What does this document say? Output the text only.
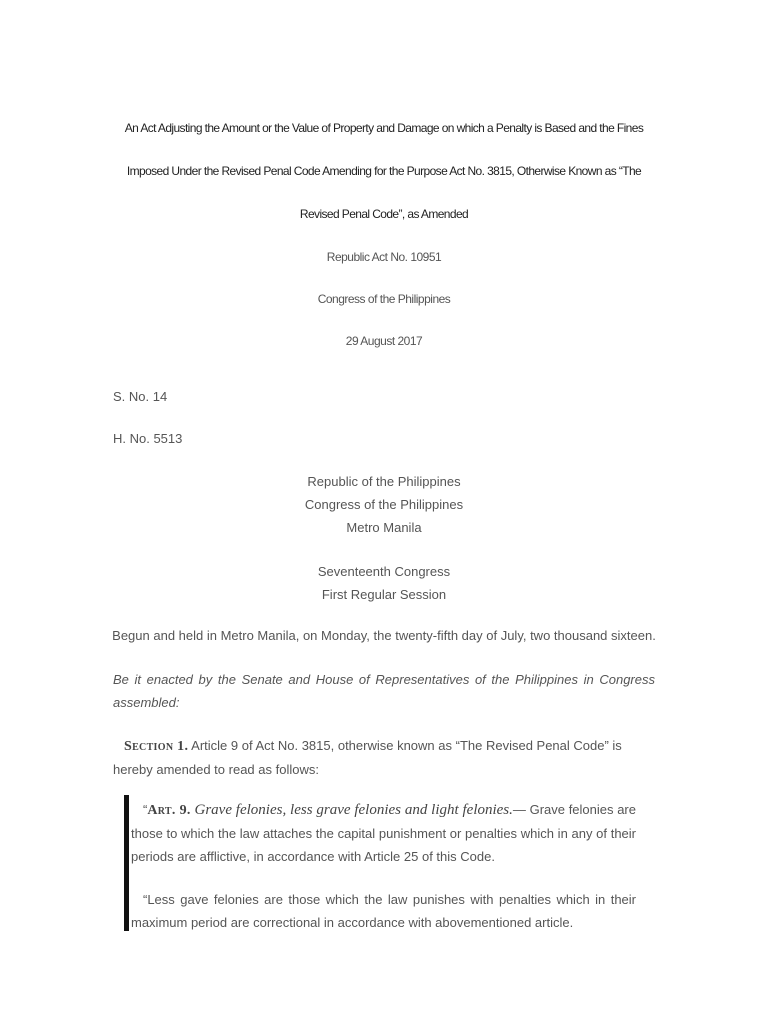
An Act Adjusting the Amount or the Value of Property and Damage on which a Penalty is Based and the Fines
Imposed Under the Revised Penal Code Amending for the Purpose Act No. 3815, Otherwise Known as “The
Revised Penal Code”, as Amended
Republic Act No. 10951
Congress of the Philippines
29 August 2017
S. No. 14
H. No. 5513
Republic of the Philippines
Congress of the Philippines
Metro Manila
Seventeenth Congress
First Regular Session
Begun and held in Metro Manila, on Monday, the twenty-fifth day of July, two thousand sixteen.
Be it enacted by the Senate and House of Representatives of the Philippines in Congress assembled:
Section 1. Article 9 of Act No. 3815, otherwise known as “The Revised Penal Code” is hereby amended to read as follows:
“Art. 9. Grave felonies, less grave felonies and light felonies.— Grave felonies are those to which the law attaches the capital punishment or penalties which in any of their periods are afflictive, in accordance with Article 25 of this Code.
“Less gave felonies are those which the law punishes with penalties which in their maximum period are correctional in accordance with abovementioned article.
